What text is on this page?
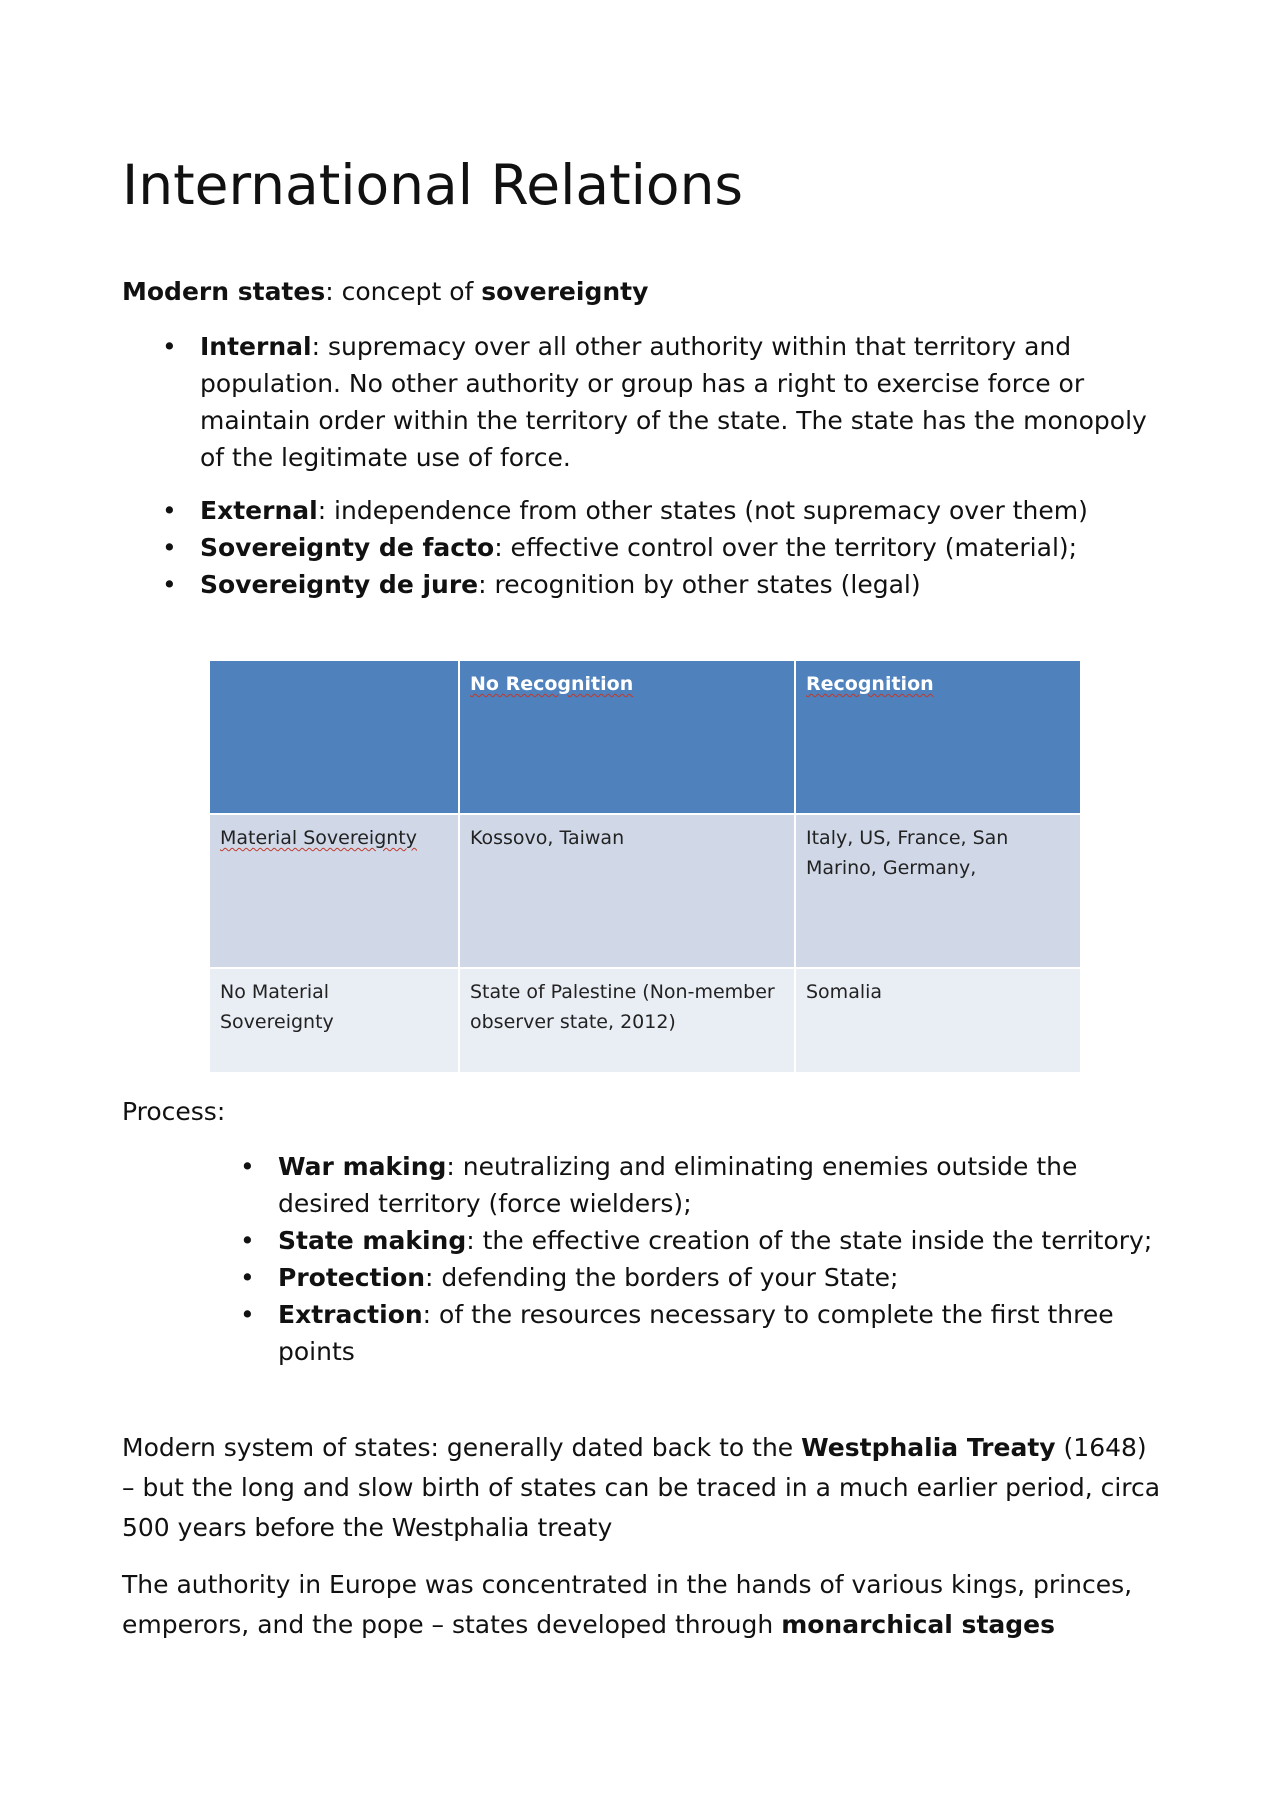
International Relations

Modern states: concept of sovereignty

• Internal: supremacy over all other authority within that territory and population. No other authority or group has a right to exercise force or maintain order within the territory of the state. The state has the monopoly of the legitimate use of force.
• External: independence from other states (not supremacy over them)
• Sovereignty de facto: effective control over the territory (material);
• Sovereignty de jure: recognition by other states (legal)
	No Recognition	Recognition
Material Sovereignty	Kossovo, Taiwan	Italy, US, France, San Marino, Germany,
No Material Sovereignty	State of Palestine (Non-member observer state, 2012)	Somalia

Process:

• War making: neutralizing and eliminating enemies outside the desired territory (force wielders);
• State making: the effective creation of the state inside the territory;
• Protection: defending the borders of your State;
• Extraction: of the resources necessary to complete the first three points

Modern system of states: generally dated back to the Westphalia Treaty (1648) – but the long and slow birth of states can be traced in a much earlier period, circa 500 years before the Westphalia treaty

The authority in Europe was concentrated in the hands of various kings, princes, emperors, and the pope – states developed through monarchical stages
